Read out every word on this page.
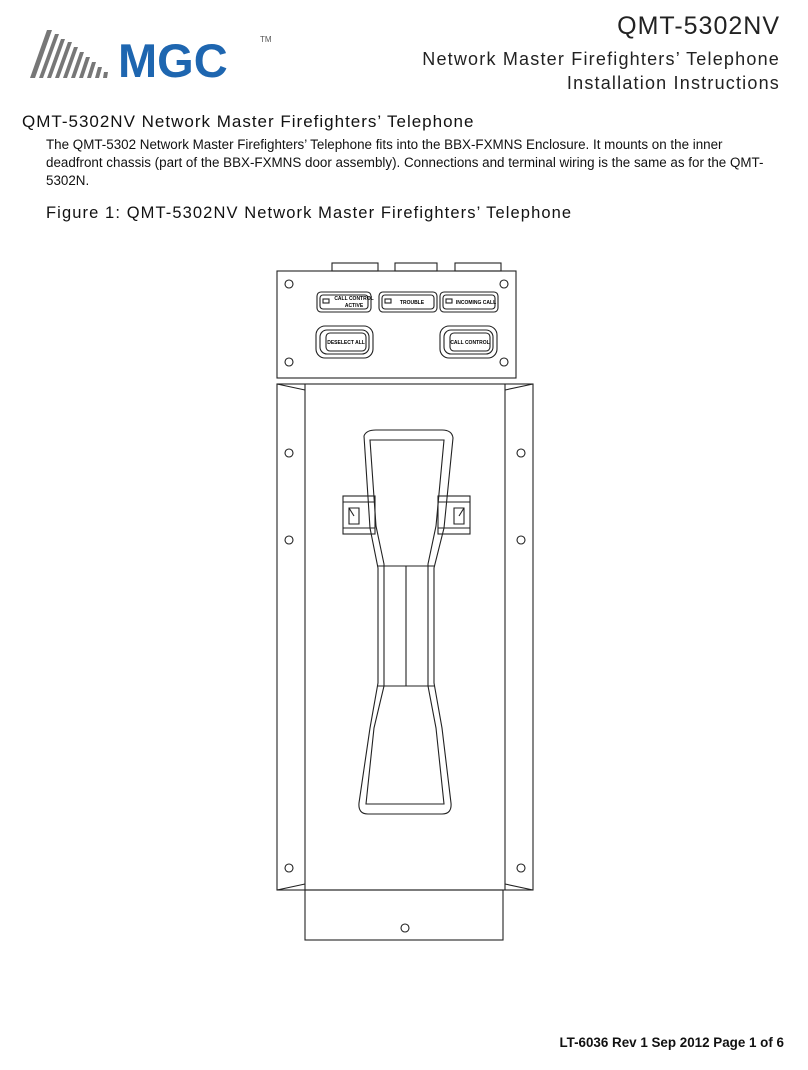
MGC	TM	QMT-5302NV
Network Master Firefighters’ Telephone
Installation Instructions
QMT-5302NV Network Master Firefighters’ Telephone
The QMT-5302 Network Master Firefighters’ Telephone fits into the BBX-FXMNS Enclosure. It mounts on the inner deadfront chassis (part of the BBX-FXMNS door assembly). Connections and terminal wiring is the same as for the QMT-5302N.
Figure 1: QMT-5302NV Network Master Firefighters’ Telephone
CALL CONTROL
ACTIVE	TROUBLE	INCOMING CALL
DESELECT ALL	CALL CONTROL
LT-6036 Rev 1 Sep 2012 Page 1 of 6
